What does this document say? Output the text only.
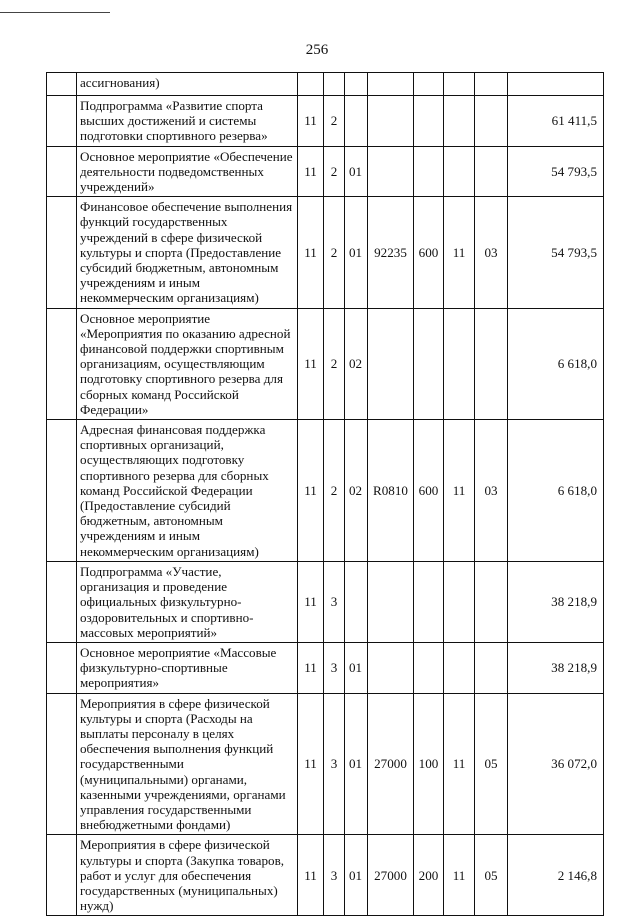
256
	ассигнования)								
	Подпрограмма «Развитие спорта высших достижений и системы подготовки спортивного резерва»	11	2						61 411,5
	Основное мероприятие «Обеспечение деятельности подведомственных учреждений»	11	2	01					54 793,5
	Финансовое обеспечение выполнения функций государственных учреждений в сфере физической культуры и спорта (Предоставление субсидий бюджетным, автономным учреждениям и иным некоммерческим организациям)	11	2	01	92235	600	11	03	54 793,5
	Основное мероприятие «Мероприятия по оказанию адресной финансовой поддержки спортивным организациям, осуществляющим подготовку спортивного резерва для сборных команд Российской Федерации»	11	2	02					6 618,0
	Адресная финансовая поддержка спортивных организаций, осуществляющих подготовку спортивного резерва для сборных команд Российской Федерации (Предоставление субсидий бюджетным, автономным учреждениям и иным некоммерческим организациям)	11	2	02	R0810	600	11	03	6 618,0
	Подпрограмма «Участие, организация и проведение официальных физкультурно-оздоровительных и спортивно-массовых мероприятий»	11	3						38 218,9
	Основное мероприятие «Массовые физкультурно-спортивные мероприятия»	11	3	01					38 218,9
	Мероприятия в сфере физической культуры и спорта (Расходы на выплаты персоналу в целях обеспечения выполнения функций государственными (муниципальными) органами, казенными учреждениями, органами управления государственными внебюджетными фондами)	11	3	01	27000	100	11	05	36 072,0
	Мероприятия в сфере физической культуры и спорта (Закупка товаров, работ и услуг для обеспечения государственных (муниципальных) нужд)	11	3	01	27000	200	11	05	2 146,8
